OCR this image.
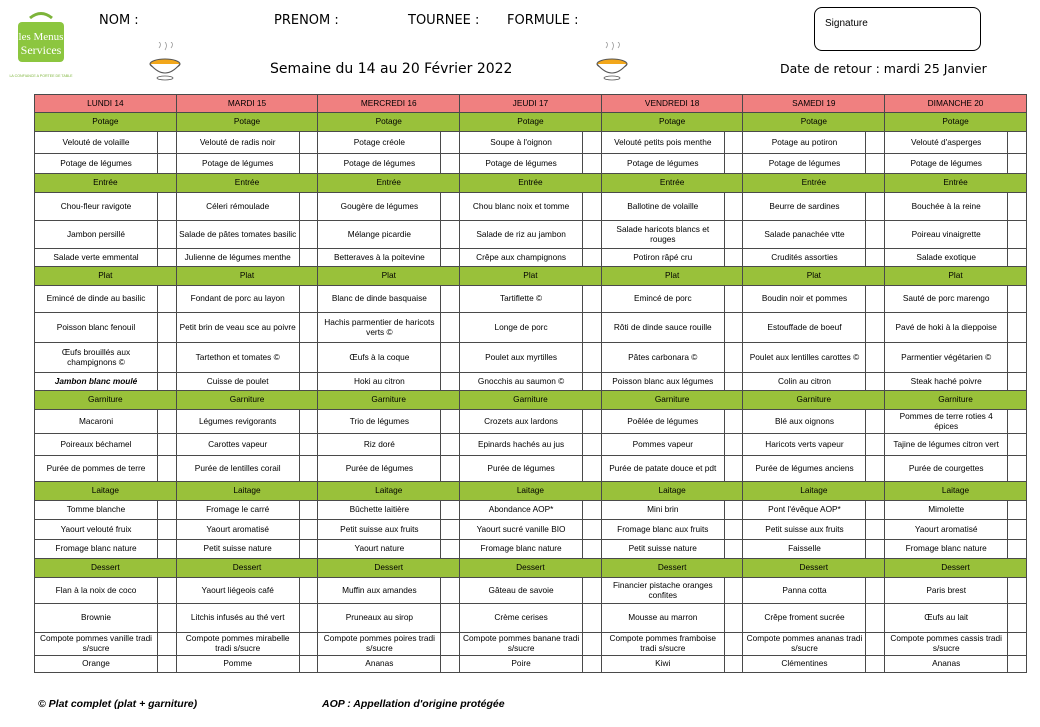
les Menus
Services
LA CONFIANCE A PORTEE DE TABLE
NOM :	PRENOM :	TOURNEE : FORMULE :	Signature
Semaine du 14 au 20 Février 2022	Date de retour : mardi 25 Janvier
LUNDI 14		MARDI 15		MERCREDI 16		JEUDI 17		VENDREDI 18		SAMEDI 19		DIMANCHE 20	
Potage		Potage		Potage		Potage		Potage		Potage		Potage	
Velouté de volaille		Velouté de radis noir		Potage créole		Soupe à l'oignon		Velouté petits pois menthe		Potage au potiron		Velouté d'asperges	
Potage de légumes		Potage de légumes		Potage de légumes		Potage de légumes		Potage de légumes		Potage de légumes		Potage de légumes	
Entrée		Entrée		Entrée		Entrée		Entrée		Entrée		Entrée	
Chou-fleur ravigote		Céleri rémoulade		Gougère de légumes		Chou blanc noix et tomme		Ballotine de volaille		Beurre de sardines		Bouchée à la reine	
Jambon persillé		Salade de pâtes tomates basilic		Mélange picardie		Salade de riz au jambon		Salade haricots blancs et rouges		Salade panachée vtte		Poireau vinaigrette	
Salade verte emmental		Julienne de légumes menthe		Betteraves à la poitevine		Crêpe aux champignons		Potiron râpé cru		Crudités assorties		Salade exotique	
Plat		Plat		Plat		Plat		Plat		Plat		Plat	
Emincé de dinde au basilic		Fondant de porc au layon		Blanc de dinde basquaise		Tartiflette ©		Emincé de porc		Boudin noir et pommes		Sauté de porc marengo	
Poisson blanc fenouil		Petit brin de veau sce au poivre		Hachis parmentier de haricots verts ©		Longe de porc		Rôti de dinde sauce rouille		Estouffade de boeuf		Pavé de hoki à la dieppoise	
Œufs brouillés aux champignons ©		Tartethon et tomates ©		Œufs à la coque		Poulet aux myrtilles		Pâtes carbonara ©		Poulet aux lentilles carottes ©		Parmentier végétarien ©	
Jambon blanc moulé		Cuisse de poulet		Hoki au citron		Gnocchis au saumon ©		Poisson blanc aux légumes		Colin au citron		Steak haché poivre	
Garniture		Garniture		Garniture		Garniture		Garniture		Garniture		Garniture	
Macaroni		Légumes revigorants		Trio de légumes		Crozets aux lardons		Poêlée de légumes		Blé aux oignons		Pommes de terre roties 4 épices	
Poireaux béchamel		Carottes vapeur		Riz doré		Epinards hachés au jus		Pommes vapeur		Haricots verts vapeur		Tajine de légumes citron vert	
Purée de pommes de terre		Purée de lentilles corail		Purée de légumes		Purée de légumes		Purée de patate douce et pdt		Purée de légumes anciens		Purée de courgettes	
Laitage		Laitage		Laitage		Laitage		Laitage		Laitage		Laitage	
Tomme blanche		Fromage le carré		Bûchette laitière		Abondance AOP*		Mini brin		Pont l'évêque AOP*		Mimolette	
Yaourt velouté fruix		Yaourt aromatisé		Petit suisse aux fruits		Yaourt sucré vanille BIO		Fromage blanc aux fruits		Petit suisse aux fruits		Yaourt aromatisé	
Fromage blanc nature		Petit suisse nature		Yaourt nature		Fromage blanc nature		Petit suisse nature		Faisselle		Fromage blanc nature	
Dessert		Dessert		Dessert		Dessert		Dessert		Dessert		Dessert	
Flan à la noix de coco		Yaourt liégeois café		Muffin aux amandes		Gâteau de savoie		Financier pistache oranges confites		Panna cotta		Paris brest	
Brownie		Litchis infusés au thé vert		Pruneaux au sirop		Crème cerises		Mousse au marron		Crêpe froment sucrée		Œufs au lait	
Compote pommes vanille tradi s/sucre		Compote pommes mirabelle tradi s/sucre		Compote pommes poires tradi s/sucre		Compote pommes banane tradi s/sucre		Compote pommes framboise tradi s/sucre		Compote pommes ananas tradi s/sucre		Compote pommes cassis tradi s/sucre	
Orange		Pomme		Ananas		Poire		Kiwi		Clémentines		Ananas	
© Plat complet (plat + garniture)	AOP : Appellation d'origine protégée
